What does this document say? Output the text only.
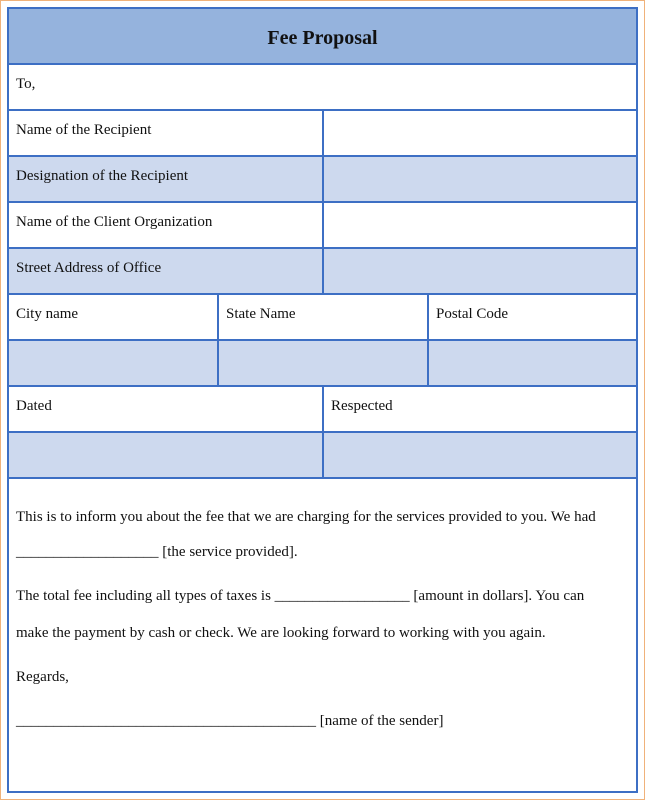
Fee Proposal
To,
Name of the Recipient
Designation of the Recipient
Name of the Client Organization
Street Address of Office
City name	State Name	Postal Code
Dated	Respected
This is to inform you about the fee that we are charging for the services provided to you. We had
___________________ [the service provided].
The total fee including all types of taxes is __________________ [amount in dollars]. You can
make the payment by cash or check. We are looking forward to working with you again.
Regards,
________________________________________ [name of the sender]
